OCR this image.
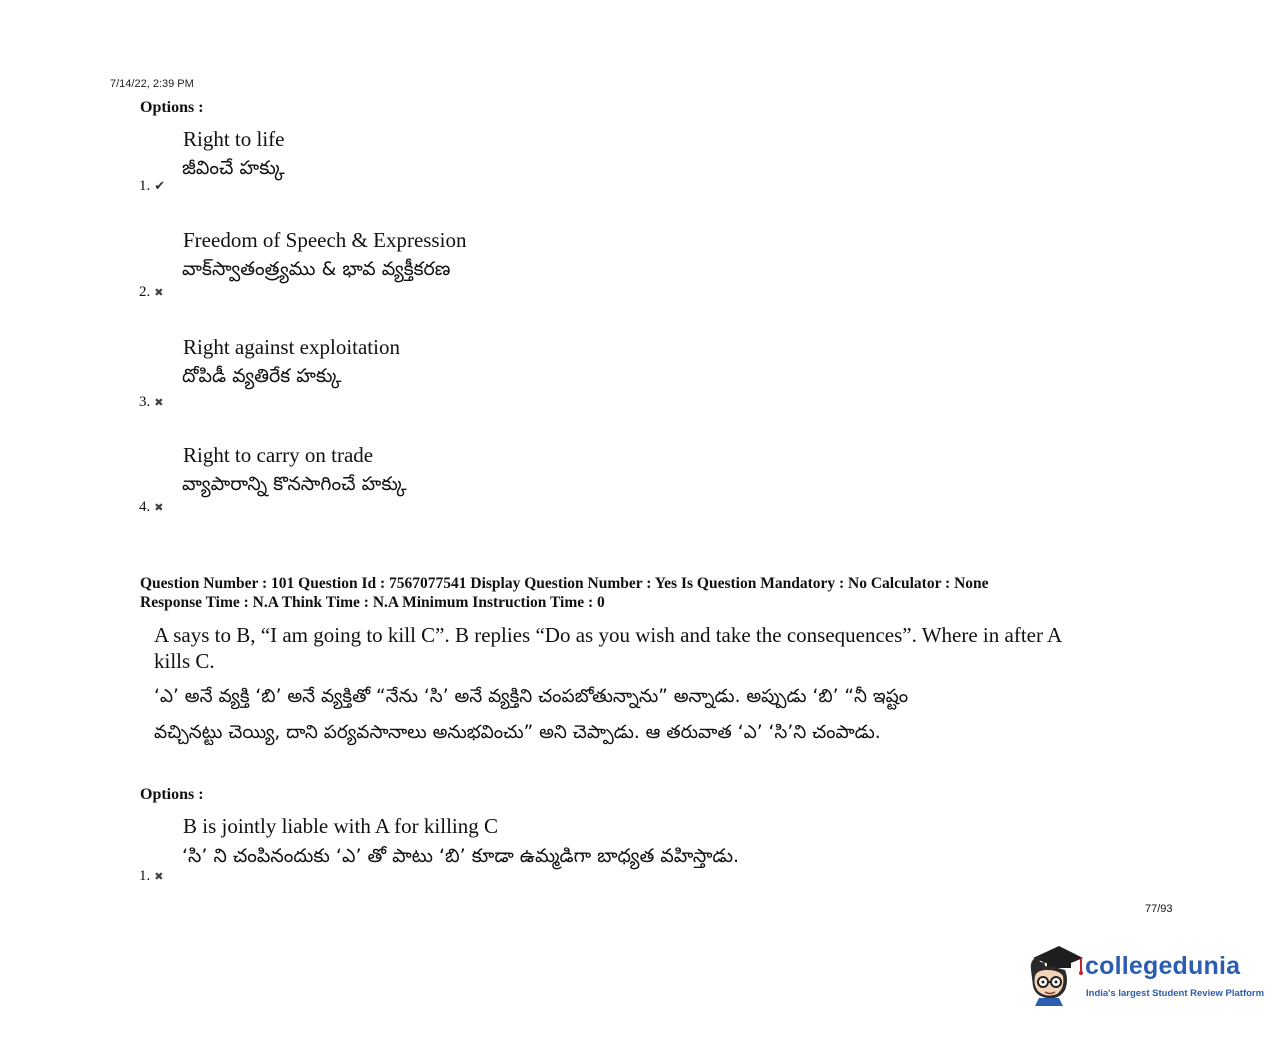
7/14/22, 2:39 PM
Options :
Right to life
జీవించే హక్కు
1. ✔
Freedom of Speech & Expression
వాక్‌స్వాతంత్ర్యము & భావ వ్యక్తీకరణ
2. ✖
Right against exploitation
దోపిడీ వ్యతిరేక హక్కు
3. ✖
Right to carry on trade
వ్యాపారాన్ని కొనసాగించే హక్కు
4. ✖
Question Number : 101 Question Id : 7567077541 Display Question Number : Yes Is Question Mandatory : No Calculator : None
Response Time : N.A Think Time : N.A Minimum Instruction Time : 0
A says to B, “I am going to kill C”. B replies “Do as you wish and take the consequences”. Where in after A kills C.
‘ఎ’ అనే వ్యక్తి ‘బి’ అనే వ్యక్తితో “నేను ‘సి’ అనే వ్యక్తిని చంపబోతున్నాను” అన్నాడు. అప్పుడు ‘బి’ “నీ ఇష్టం
వచ్చినట్టు చెయ్యి, దాని పర్యవసానాలు అనుభవించు” అని చెప్పాడు. ఆ తరువాత ‘ఎ’ ‘సి’ని చంపాడు.
Options :
B is jointly liable with A for killing C
‘సి’ ని చంపినందుకు ‘ఎ’ తో పాటు ‘బి’ కూడా ఉమ్మడిగా బాధ్యత వహిస్తాడు.
1. ✖
77/93
collegedunia
India's largest Student Review Platform
